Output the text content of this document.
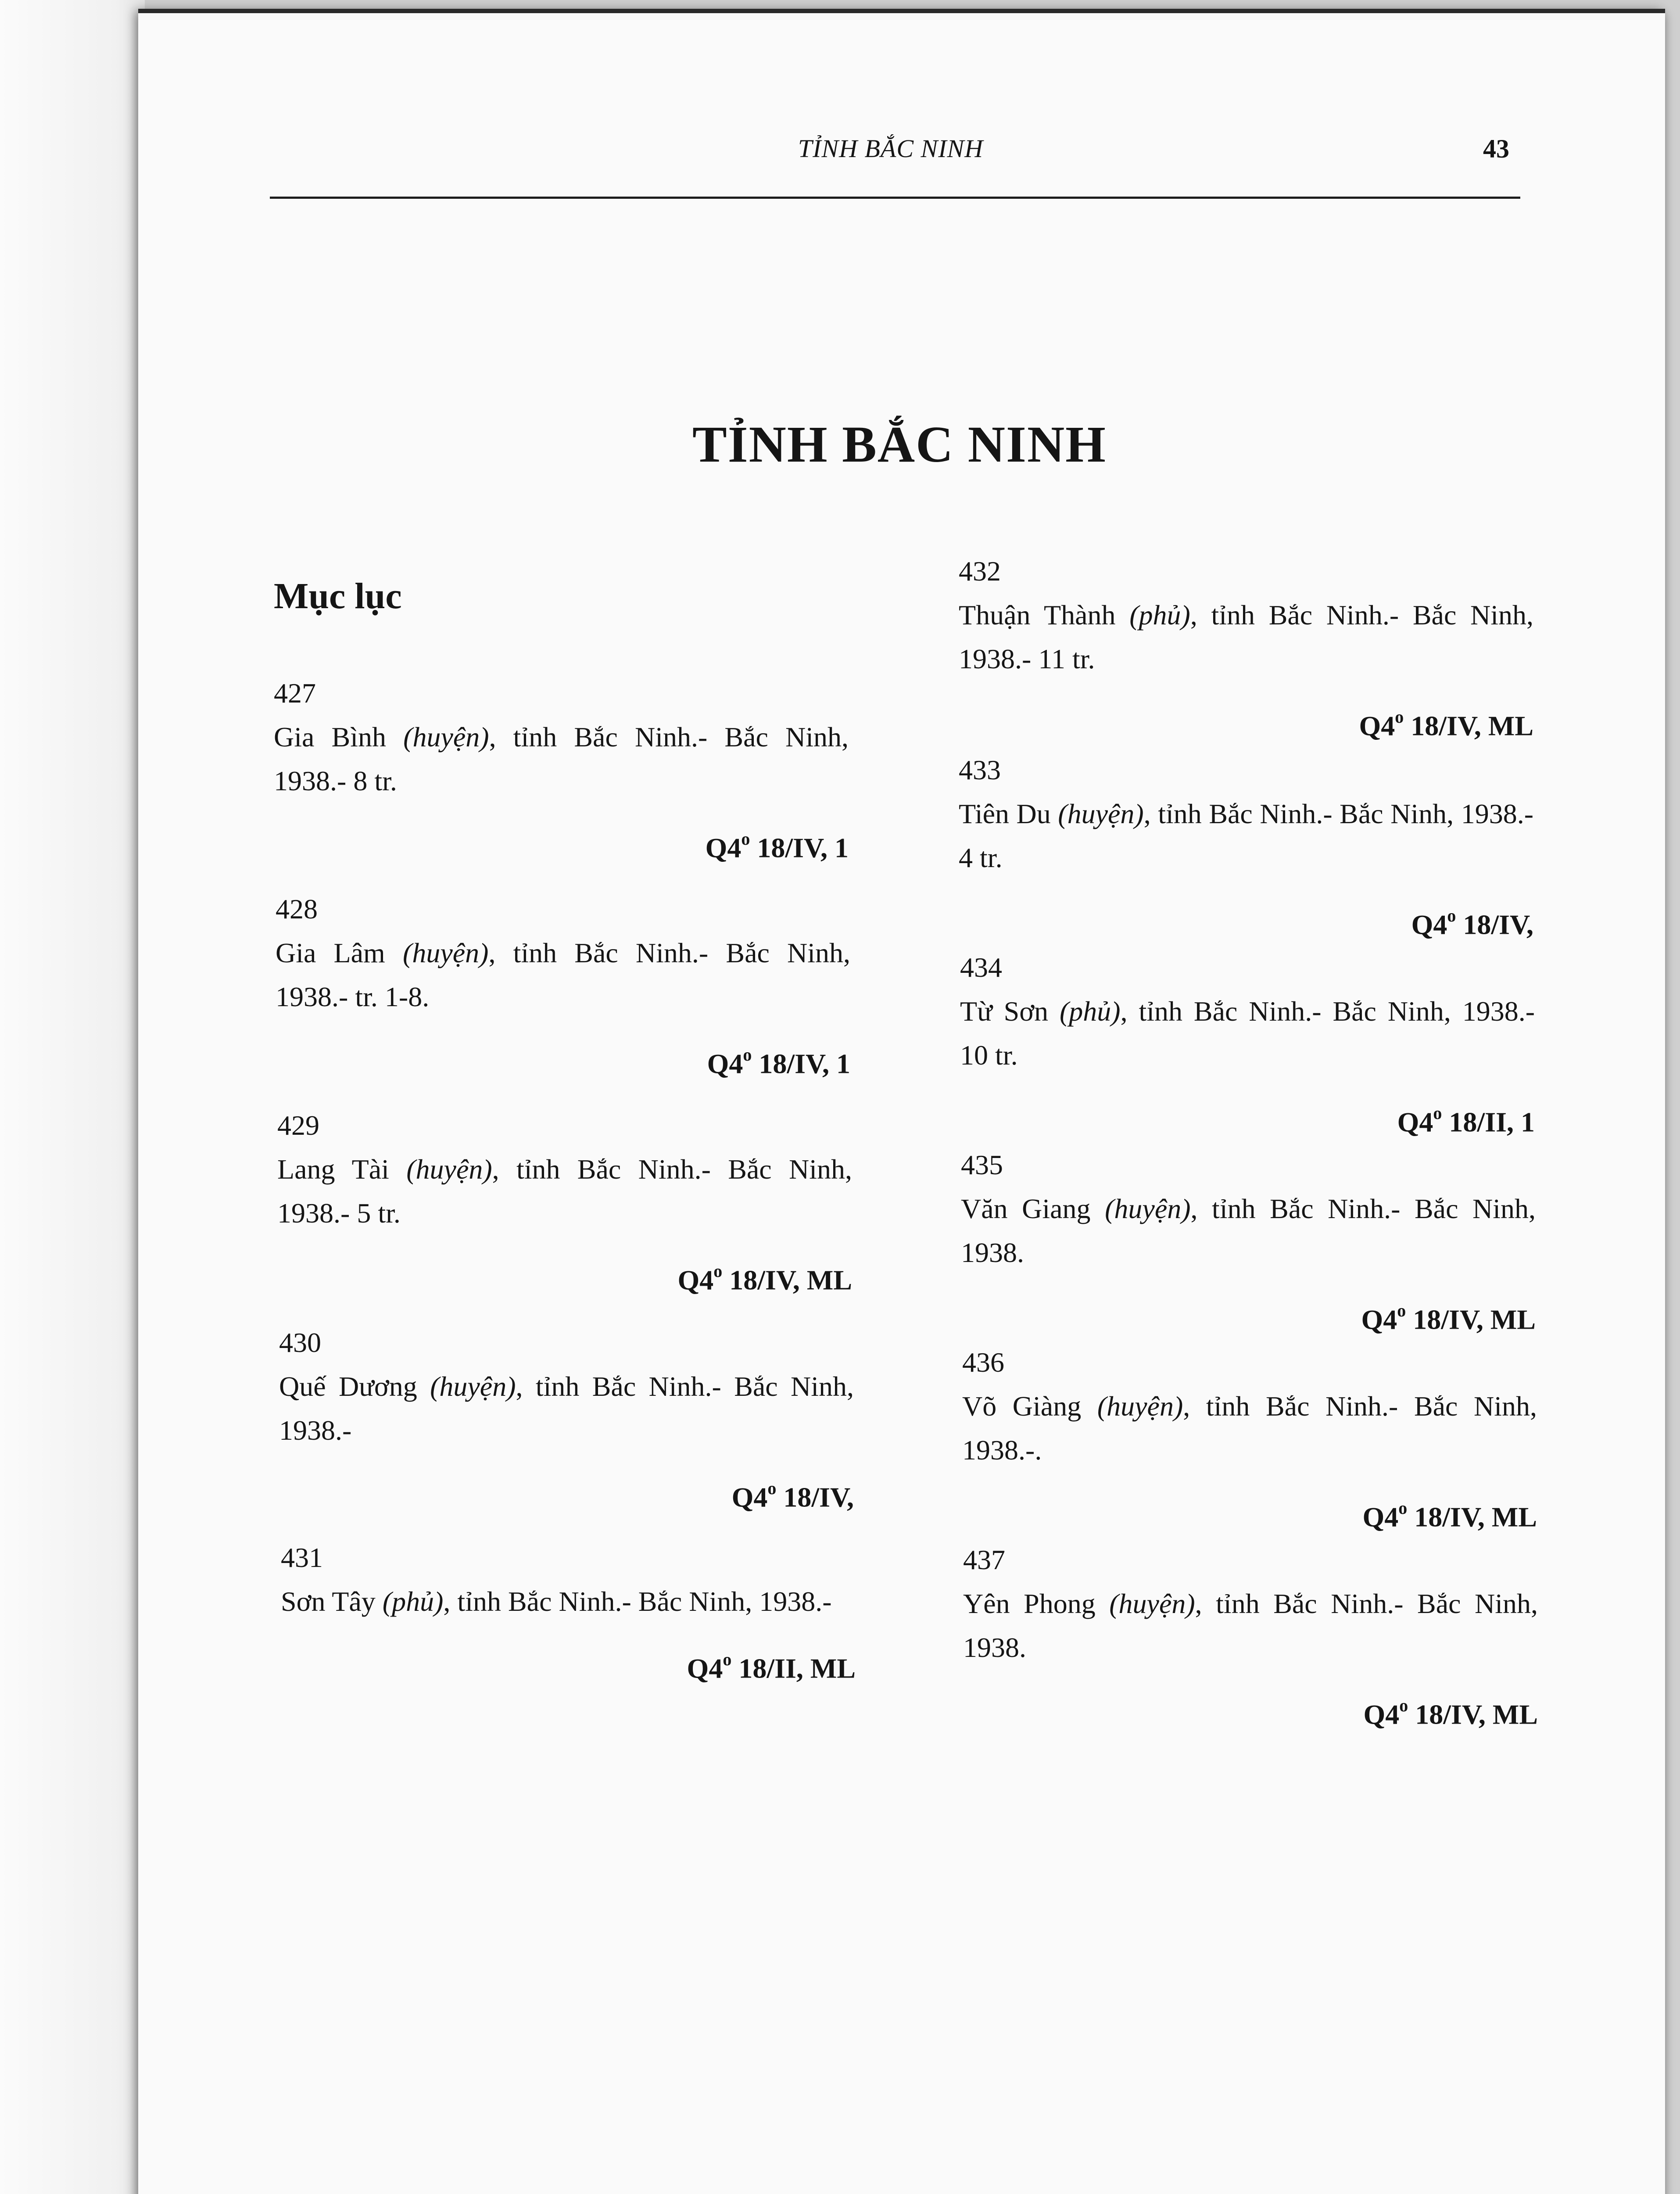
TỈNH BẮC NINH	43
TỈNH BẮC NINH
Mục lục
427
Gia Bình (huyện), tỉnh Bắc Ninh.- Bắc Ninh, 1938.- 8 tr.
Q4$^o$ 18/IV, 1
428
Gia Lâm (huyện), tỉnh Bắc Ninh.- Bắc Ninh, 1938.- tr. 1-8.
Q4$^o$ 18/IV, 1
429
Lang Tài (huyện), tỉnh Bắc Ninh.- Bắc Ninh, 1938.- 5 tr.
Q4$^o$ 18/IV, ML
430
Quế Dương (huyện), tỉnh Bắc Ninh.- Bắc Ninh, 1938.-
Q4$^o$ 18/IV,
431
Sơn Tây (phủ), tỉnh Bắc Ninh.- Bắc Ninh, 1938.-
Q4$^o$ 18/II, ML
432
Thuận Thành (phủ), tỉnh Bắc Ninh.- Bắc Ninh, 1938.- 11 tr.
Q4$^o$ 18/IV, ML
433
Tiên Du (huyện), tỉnh Bắc Ninh.- Bắc Ninh, 1938.- 4 tr.
Q4$^o$ 18/IV,
434
Từ Sơn (phủ), tỉnh Bắc Ninh.- Bắc Ninh, 1938.- 10 tr.
Q4$^o$ 18/II, 1
435
Văn Giang (huyện), tỉnh Bắc Ninh.- Bắc Ninh, 1938.
Q4$^o$ 18/IV, ML
436
Võ Giàng (huyện), tỉnh Bắc Ninh.- Bắc Ninh, 1938.-.
Q4$^o$ 18/IV, ML
437
Yên Phong (huyện), tỉnh Bắc Ninh.- Bắc Ninh, 1938.
Q4$^o$ 18/IV, ML
